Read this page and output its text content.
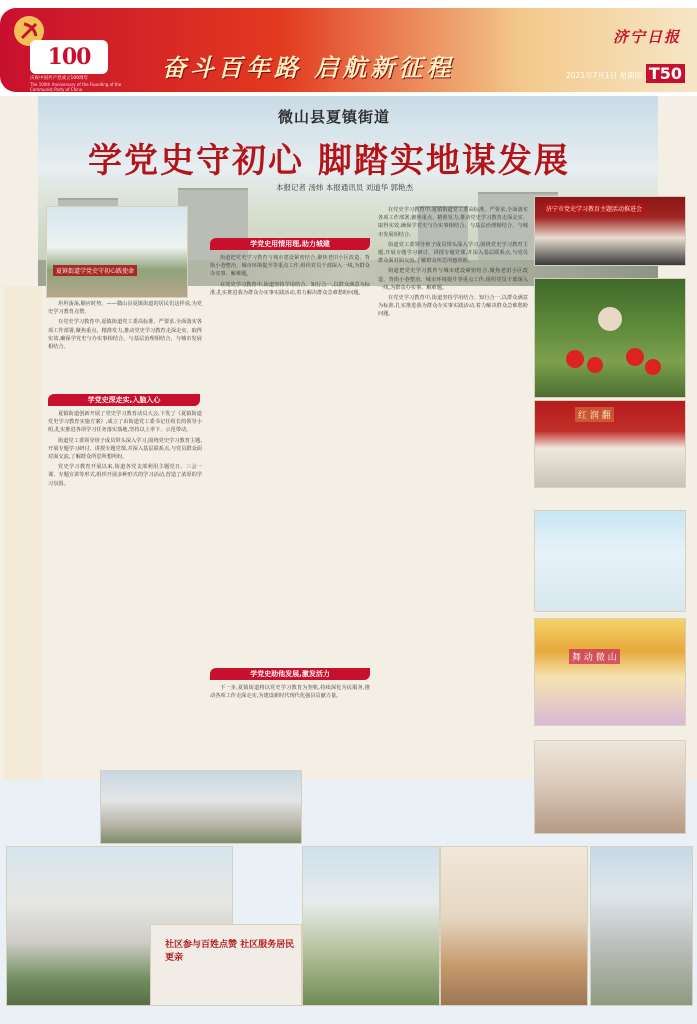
100
庆祝中国共产党成立100周年
The 100th Anniversary of the Founding of the Communist Party of China
奋斗百年路 启航新征程
济宁日报
2021年7月1日 星期四 T50
微山县夏镇街道
学党史守初心 脚踏实地谋发展
本报记者 汤炜 本报通讯员 刘道华 郭艳杰
夏镇街道学党史守初心践使命

坦坦荡荡,顺应时势。——微山县夏镇街道的居民们这样说,为党史学习教育点赞。

在党史学习教育中,夏镇街道党工委高标准、严要求,全面落实各项工作部署,聚焦重点、精准发力,推动党史学习教育走深走实、取得实效,确保学党史与办实事相结合、与基层治理相结合、与城市发展相结合。

学党史深走实,入脑入心

夏镇街道创新开展了党史学习教育动员大会,下发了《夏镇街道党史学习教育实施方案》,成立了由街道党工委书记任组长的领导小组,扎实推进各项学习任务落实落地,坚持以上率下、示范带动。

街道党工委领导班子成员带头深入学习,围绕党史学习教育主题,开展专题学习研讨、讲授专题党课,并深入基层联系点,与党员群众面对面交流,了解群众所思所想所盼。

党史学习教育开展以来,街道各党支部利用主题党日、三会一课、专题宣讲等形式,组织开展多种形式的学习活动,营造了浓厚的学习氛围。

学党史用情用理,助力城建

街道把党史学习教育与城市建设紧密结合,聚焦老旧小区改造、背街小巷整治、城市环境提升等重点工作,组织党员干部深入一线,为群众办实事、解难题。

在党史学习教育中,街道坚持学用结合、知行合一,以群众满意为标准,扎实推进我为群众办实事实践活动,着力解决群众急难愁盼问题。

学党史助他发展,激发活力

下一步,夏镇街道将以党史学习教育为契机,持续深化为民服务,推动各项工作走深走实,为建设新时代现代化强县贡献力量。

在党史学习教育中,夏镇街道党工委高标准、严要求,全面落实各项工作部署,聚焦重点、精准发力,推动党史学习教育走深走实、取得实效,确保学党史与办实事相结合、与基层治理相结合、与城市发展相结合。

街道党工委领导班子成员带头深入学习,围绕党史学习教育主题,开展专题学习研讨、讲授专题党课,并深入基层联系点,与党员群众面对面交流,了解群众所思所想所盼。

街道把党史学习教育与城市建设紧密结合,聚焦老旧小区改造、背街小巷整治、城市环境提升等重点工作,组织党员干部深入一线,为群众办实事、解难题。

在党史学习教育中,街道坚持学用结合、知行合一,以群众满意为标准,扎实推进我为群众办实事实践活动,着力解决群众急难愁盼问题。

济宁市党史学习教育主题活动推进会
红 润 翻
舞 动 微 山
社区参与百姓点赞 社区服务居民更亲
